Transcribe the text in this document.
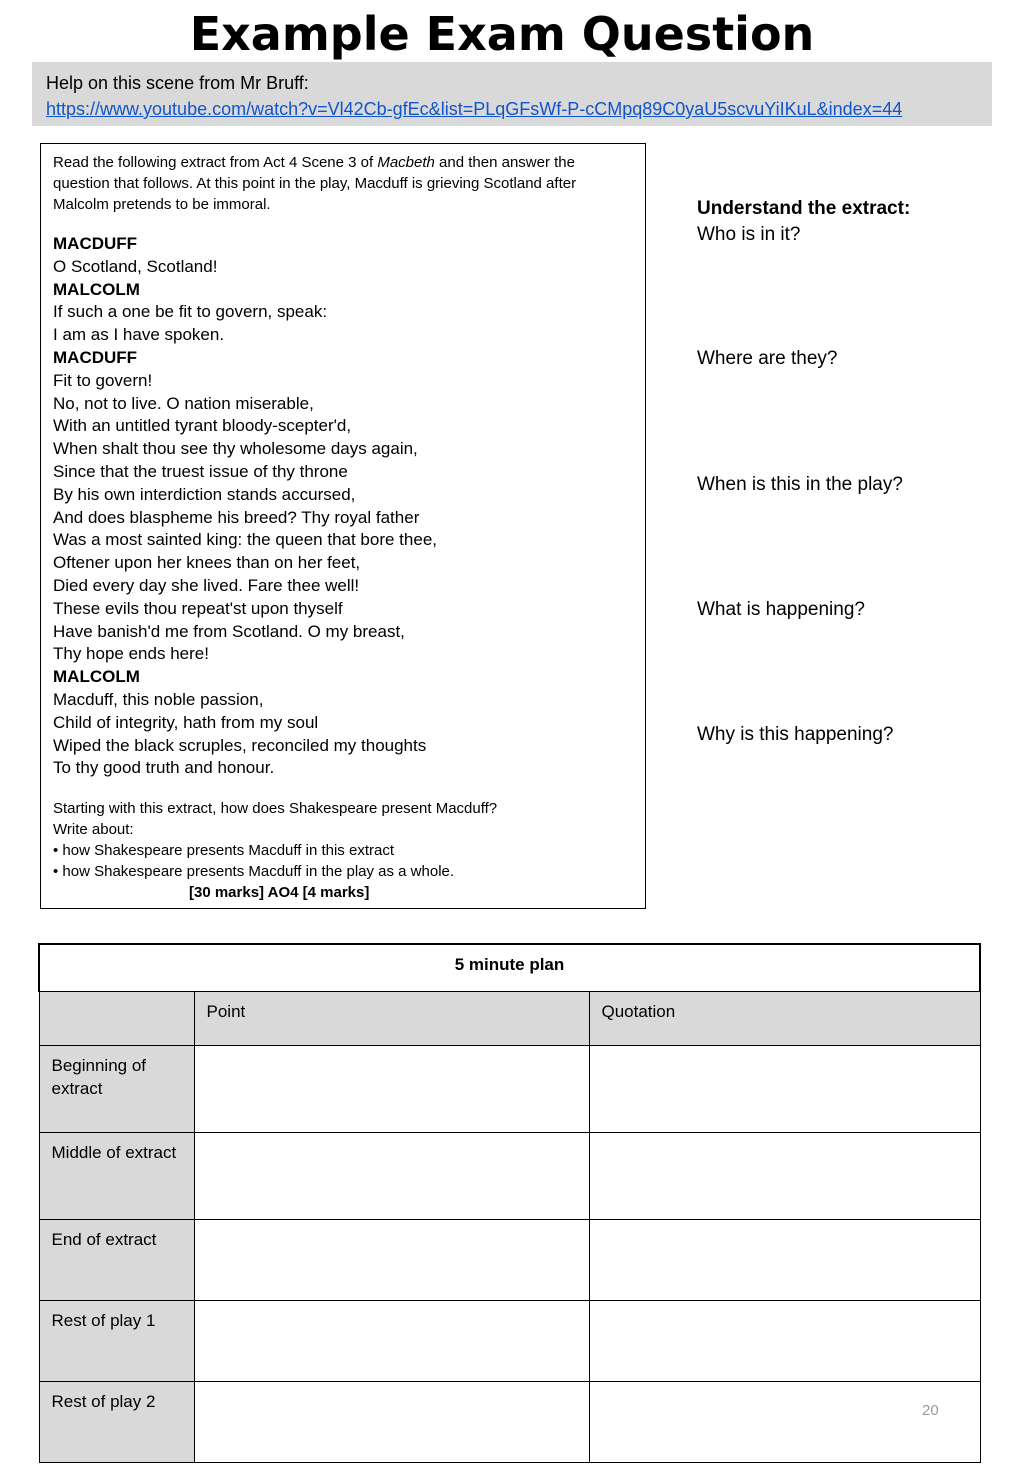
Example Exam Question
Help on this scene from Mr Bruff:
https://www.youtube.com/watch?v=Vl42Cb-gfEc&list=PLqGFsWf-P-cCMpq89C0yaU5scvuYiIKuL&index=44

Read the following extract from Act 4 Scene 3 of Macbeth and then answer the question that follows. At this point in the play, Macduff is grieving Scotland after Malcolm pretends to be immoral.

MACDUFF
O Scotland, Scotland!
MALCOLM
If such a one be fit to govern, speak:
I am as I have spoken.
MACDUFF
Fit to govern!
No, not to live. O nation miserable,
With an untitled tyrant bloody-scepter'd,
When shalt thou see thy wholesome days again,
Since that the truest issue of thy throne
By his own interdiction stands accursed,
And does blaspheme his breed? Thy royal father
Was a most sainted king: the queen that bore thee,
Oftener upon her knees than on her feet,
Died every day she lived. Fare thee well!
These evils thou repeat'st upon thyself
Have banish'd me from Scotland. O my breast,
Thy hope ends here!
MALCOLM
Macduff, this noble passion,
Child of integrity, hath from my soul
Wiped the black scruples, reconciled my thoughts
To thy good truth and honour.

Starting with this extract, how does Shakespeare present Macduff?

Write about:

• how Shakespeare presents Macduff in this extract

• how Shakespeare presents Macduff in the play as a whole.

[30 marks] AO4 [4 marks]

Understand the extract:
Who is in it?
Where are they?
When is this in the play?
What is happening?
Why is this happening?
5 minute plan		
	Point	Quotation
Beginning of extract		
Middle of extract		
End of extract		
Rest of play 1		
Rest of play 2			20
